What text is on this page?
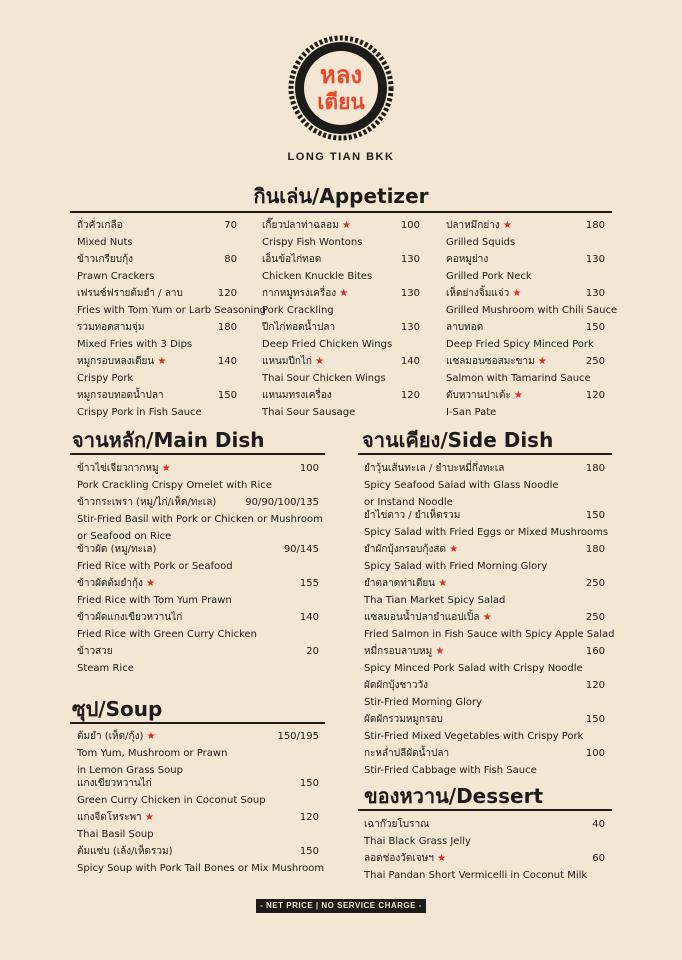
หลง
เตียน
LONG TIAN BKK
กินเล่น/Appetizer
จานหลัก/Main Dish
ซุป/Soup
จานเคียง/Side Dish
ของหวาน/Dessert
ถั่วคั่วเกลือ	70
Mixed Nuts
ข้าวเกรียบกุ้ง	80
Prawn Crackers
เฟรนช์ฟรายต้มยำ / ลาบ	120
Fries with Tom Yum or Larb Seasoning
รวมทอดสามจุ่ม	180
Mixed Fries with 3 Dips
หมูกรอบหลงเตียน ★	140
Crispy Pork
หมูกรอบทอดน้ำปลา	150
Crispy Pork in Fish Sauce
เกี๊ยวปลาท่าฉลอม ★	100
Crispy Fish Wontons
เอ็นข้อไก่ทอด	130
Chicken Knuckle Bites
กากหมูทรงเครื่อง ★	130
Pork Crackling
ปีกไก่ทอดน้ำปลา	130
Deep Fried Chicken Wings
แหนมปีกไก่ ★	140
Thai Sour Chicken Wings
แหนมทรงเครื่อง	120
Thai Sour Sausage
ปลาหมึกย่าง ★	180
Grilled Squids
คอหมูย่าง	130
Grilled Pork Neck
เห็ดย่างจิ้มแจ่ว ★	130
Grilled Mushroom with Chili Sauce
ลาบทอด	150
Deep Fried Spicy Minced Pork
แซลมอนซอสมะขาม ★	250
Salmon with Tamarind Sauce
ตับหวานปาเต้ะ ★	120
I-San Pate
ข้าวไข่เจียวกากหมู ★	100
Pork Crackling Crispy Omelet with Rice
ข้าวกระเพรา (หมู/ไก่/เห็ด/ทะเล)	90/90/100/135
Stir-Fried Basil with Pork or Chicken or Mushroom
or Seafood on Rice
ข้าวผัด (หมู/ทะเล)	90/145
Fried Rice with Pork or Seafood
ข้าวผัดต้มยำกุ้ง ★	155
Fried Rice with Tom Yum Prawn
ข้าวผัดแกงเขียวหวานไก่	140
Fried Rice with Green Curry Chicken
ข้าวสวย	20
Steam Rice
ต้มยำ (เห็ด/กุ้ง) ★	150/195
Tom Yum, Mushroom or Prawn
in Lemon Grass Soup
แกงเขียวหวานไก่	150
Green Curry Chicken in Coconut Soup
แกงจืดโหระพา ★	120
Thai Basil Soup
ต้มแซ่บ (เล้ง/เห็ดรวม)	150
Spicy Soup with Pork Tail Bones or Mix Mushroom
ยำวุ้นเส้นทะเล / ยำบะหมี่กึ่งทะเล	180
Spicy Seafood Salad with Glass Noodle
or Instand Noodle
ยำไข่ดาว / ยำเห็ดรวม	150
Spicy Salad with Fried Eggs or Mixed Mushrooms
ยำผักบุ้งกรอบกุ้งสด ★	180
Spicy Salad with Fried Morning Glory
ยำตลาดท่าเตียน ★	250
Tha Tian Market Spicy Salad
แซลมอนน้ำปลายำแอปเปิ้ล ★	250
Fried Salmon in Fish Sauce with Spicy Apple Salad
หมี่กรอบลาบหมู ★	160
Spicy Minced Pork Salad with Crispy Noodle
ผัดผักบุ้งชาววัง	120
Stir-Fried Morning Glory
ผัดผักรวมหมูกรอบ	150
Stir-Fried Mixed Vegetables with Crispy Pork
กะหล่ำปลีผัดน้ำปลา	100
Stir-Fried Cabbage with Fish Sauce
เฉาก๊วยโบราณ	40
Thai Black Grass Jelly
ลอดช่องวัดเจษฯ ★	60
Thai Pandan Short Vermicelli in Coconut Milk
- NET PRICE | NO SERVICE CHARGE -
